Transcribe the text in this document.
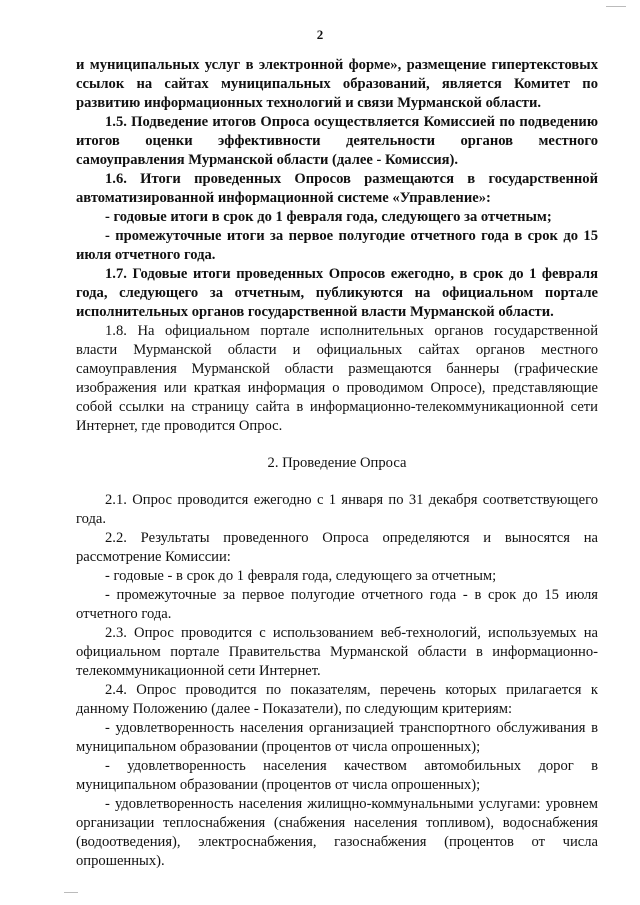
2

и муниципальных услуг в электронной форме», размещение гипертекстовых ссылок на сайтах муниципальных образований, является Комитет по развитию информационных технологий и связи Мурманской области.

1.5. Подведение итогов Опроса осуществляется Комиссией по подведению итогов оценки эффективности деятельности органов местного самоуправления Мурманской области (далее - Комиссия).

1.6. Итоги проведенных Опросов размещаются в государственной автоматизированной информационной системе «Управление»:

- годовые итоги в срок до 1 февраля года, следующего за отчетным;

- промежуточные итоги за первое полугодие отчетного года в срок до 15 июля отчетного года.

1.7. Годовые итоги проведенных Опросов ежегодно, в срок до 1 февраля года, следующего за отчетным, публикуются на официальном портале исполнительных органов государственной власти Мурманской области.

1.8. На официальном портале исполнительных органов государственной власти Мурманской области и официальных сайтах органов местного самоуправления Мурманской области размещаются баннеры (графические изображения или краткая информация о проводимом Опросе), представляющие собой ссылки на страницу сайта в информационно-телекоммуникационной сети Интернет, где проводится Опрос.

2. Проведение Опроса

2.1. Опрос проводится ежегодно с 1 января по 31 декабря соответствующего года.

2.2. Результаты проведенного Опроса определяются и выносятся на рассмотрение Комиссии:

- годовые - в срок до 1 февраля года, следующего за отчетным;

- промежуточные за первое полугодие отчетного года - в срок до 15 июля отчетного года.

2.3. Опрос проводится с использованием веб-технологий, используемых на официальном портале Правительства Мурманской области в информационно-телекоммуникационной сети Интернет.

2.4. Опрос проводится по показателям, перечень которых прилагается к данному Положению (далее - Показатели), по следующим критериям:

- удовлетворенность населения организацией транспортного обслуживания в муниципальном образовании (процентов от числа опрошенных);

- удовлетворенность населения качеством автомобильных дорог в муниципальном образовании (процентов от числа опрошенных);

- удовлетворенность населения жилищно-коммунальными услугами: уровнем организации теплоснабжения (снабжения населения топливом), водоснабжения (водоотведения), электроснабжения, газоснабжения (процентов от числа опрошенных).
